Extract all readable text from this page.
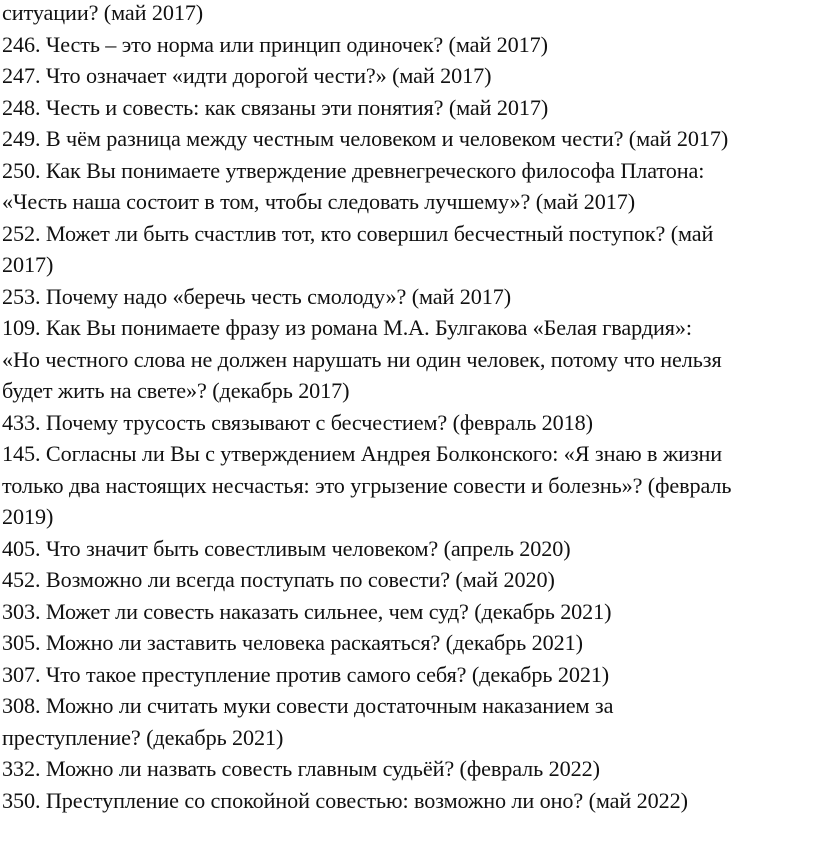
ситуации? (май 2017)

246. Честь – это норма или принцип одиночек? (май 2017)

247. Что означает «идти дорогой чести?» (май 2017)

248. Честь и совесть: как связаны эти понятия? (май 2017)

249. В чём разница между честным человеком и человеком чести? (май 2017)

250. Как Вы понимаете утверждение древнегреческого философа Платона:

«Честь наша состоит в том, чтобы следовать лучшему»? (май 2017)

252. Может ли быть счастлив тот, кто совершил бесчестный поступок? (май

2017)

253. Почему надо «беречь честь смолоду»? (май 2017)

109. Как Вы понимаете фразу из романа М.А. Булгакова «Белая гвардия»:

«Но честного слова не должен нарушать ни один человек, потому что нельзя

будет жить на свете»? (декабрь 2017)

433. Почему трусость связывают с бесчестием? (февраль 2018)

145. Согласны ли Вы с утверждением Андрея Болконского: «Я знаю в жизни

только два настоящих несчастья: это угрызение совести и болезнь»? (февраль

2019)

405. Что значит быть совестливым человеком? (апрель 2020)

452. Возможно ли всегда поступать по совести? (май 2020)

303. Может ли совесть наказать сильнее, чем суд? (декабрь 2021)

305. Можно ли заставить человека раскаяться? (декабрь 2021)

307. Что такое преступление против самого себя? (декабрь 2021)

308. Можно ли считать муки совести достаточным наказанием за

преступление? (декабрь 2021)

332. Можно ли назвать совесть главным судьёй? (февраль 2022)

350. Преступление со спокойной совестью: возможно ли оно? (май 2022)
